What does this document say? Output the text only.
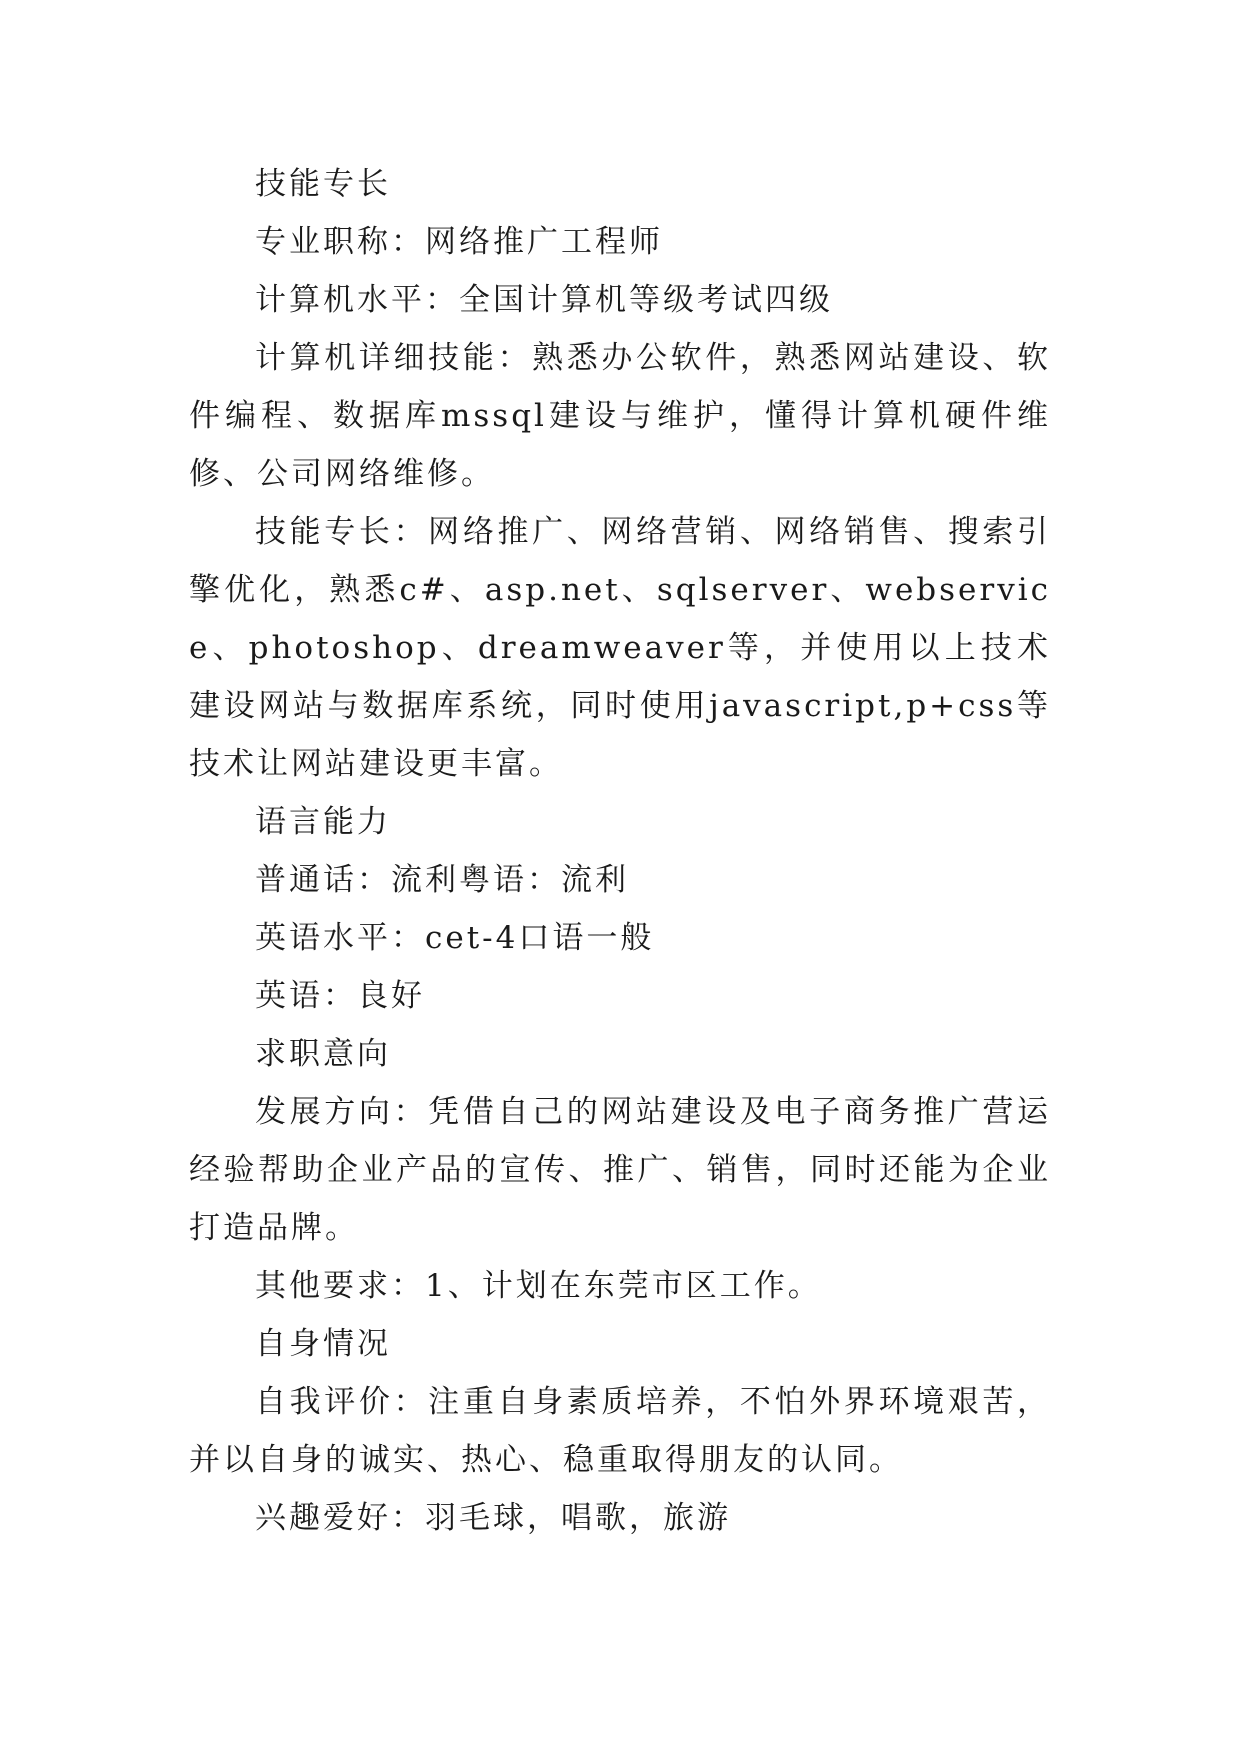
技能专长

专业职称：网络推广工程师

计算机水平：全国计算机等级考试四级

计算机详细技能：熟悉办公软件，熟悉网站建设、软件编程、数据库mssql建设与维护，懂得计算机硬件维修、公司网络维修。

技能专长：网络推广、网络营销、网络销售、搜索引擎优化，熟悉c#、asp.net、sqlserver、webservice、photoshop、dreamweaver等，并使用以上技术建设网站与数据库系统，同时使用javascript,p+css等技术让网站建设更丰富。

语言能力

普通话：流利粤语：流利

英语水平：cet-4口语一般

英语：良好

求职意向

发展方向：凭借自己的网站建设及电子商务推广营运经验帮助企业产品的宣传、推广、销售，同时还能为企业打造品牌。

其他要求：1、计划在东莞市区工作。

自身情况

自我评价：注重自身素质培养，不怕外界环境艰苦，并以自身的诚实、热心、稳重取得朋友的认同。

兴趣爱好：羽毛球，唱歌，旅游
